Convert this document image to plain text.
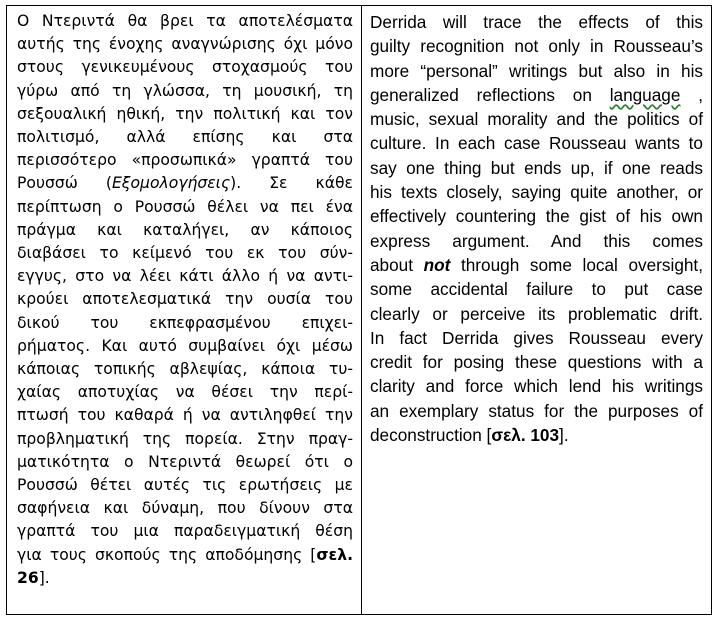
Ο Ντεριντά θα βρει τα αποτελέσματα
αυτής της ένοχης αναγνώρισης όχι μόνο
στους γενικευμένους στοχασμούς του
γύρω από τη γλώσσα, τη μουσική, τη
σεξουαλική ηθική, την πολιτική και τον
πολιτισμό, αλλά επίσης και στα
περισσότερο «προσωπικά» γραπτά του
Ρουσσώ (Εξομολογήσεις). Σε κάθε
περίπτωση ο Ρουσσώ θέλει να πει ένα
πράγμα και καταλήγει, αν κάποιος
διαβάσει το κείμενό του εκ του σύν-
εγγυς, στο να λέει κάτι άλλο ή να αντι-
κρούει αποτελεσματικά την ουσία του
δικού του εκπεφρασμένου επιχει-
ρήματος. Και αυτό συμβαίνει όχι μέσω
κάποιας τοπικής αβλεψίας, κάποια τυ-
χαίας αποτυχίας να θέσει την περί-
πτωσή του καθαρά ή να αντιληφθεί την
προβληματική της πορεία. Στην πραγ-
ματικότητα ο Ντεριντά θεωρεί ότι ο
Ρουσσώ θέτει αυτές τις ερωτήσεις με
σαφήνεια και δύναμη, που δίνουν στα
γραπτά του μια παραδειγματική θέση
για τους σκοπούς της αποδόμησης [σελ.
26].
Derrida will trace the effects of this
guilty recognition not only in Rousseau’s
more “personal” writings but also in his
generalized reflections on language ,
music, sexual morality and the politics of
culture. In each case Rousseau wants to
say one thing but ends up, if one reads
his texts closely, saying quite another, or
effectively countering the gist of his own
express argument. And this comes
about not through some local oversight,
some accidental failure to put case
clearly or perceive its problematic drift.
In fact Derrida gives Rousseau every
credit for posing these questions with a
clarity and force which lend his writings
an exemplary status for the purposes of
deconstruction [σελ. 103].
